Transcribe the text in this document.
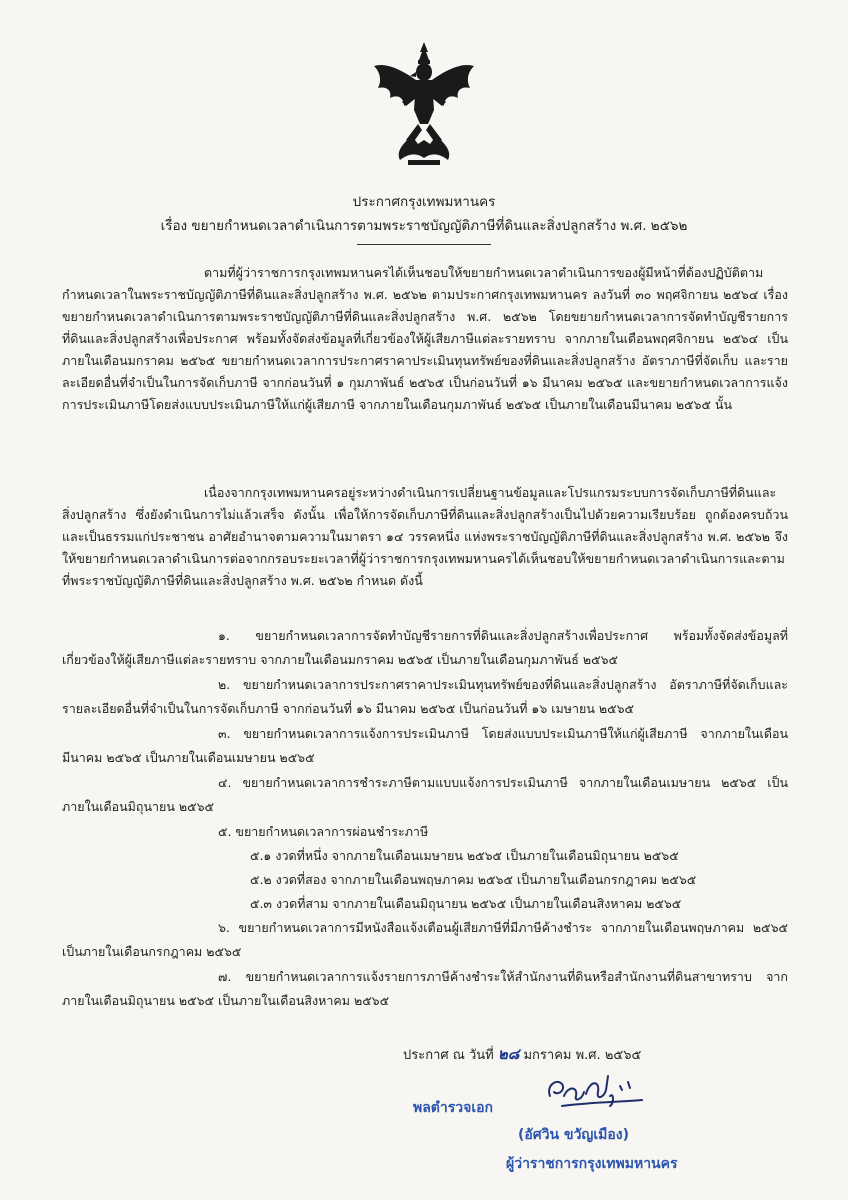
ประกาศกรุงเทพมหานคร
เรื่อง ขยายกำหนดเวลาดำเนินการตามพระราชบัญญัติภาษีที่ดินและสิ่งปลูกสร้าง พ.ศ. ๒๕๖๒

ตามที่ผู้ว่าราชการกรุงเทพมหานครได้เห็นชอบให้ขยายกำหนดเวลาดำเนินการของผู้มีหน้าที่ต้องปฏิบัติตามกำหนดเวลาในพระราชบัญญัติภาษีที่ดินและสิ่งปลูกสร้าง พ.ศ. ๒๕๖๒ ตามประกาศกรุงเทพมหานคร ลงวันที่ ๓๐ พฤศจิกายน ๒๕๖๔ เรื่อง ขยายกำหนดเวลาดำเนินการตามพระราชบัญญัติภาษีที่ดินและสิ่งปลูกสร้าง พ.ศ. ๒๕๖๒ โดยขยายกำหนดเวลาการจัดทำบัญชีรายการที่ดินและสิ่งปลูกสร้างเพื่อประกาศ พร้อมทั้งจัดส่งข้อมูลที่เกี่ยวข้องให้ผู้เสียภาษีแต่ละรายทราบ จากภายในเดือนพฤศจิกายน ๒๕๖๔ เป็นภายในเดือนมกราคม ๒๕๖๕ ขยายกำหนดเวลาการประกาศราคาประเมินทุนทรัพย์ของที่ดินและสิ่งปลูกสร้าง อัตราภาษีที่จัดเก็บ และรายละเอียดอื่นที่จำเป็นในการจัดเก็บภาษี จากก่อนวันที่ ๑ กุมภาพันธ์ ๒๕๖๕ เป็นก่อนวันที่ ๑๖ มีนาคม ๒๕๖๕ และขยายกำหนดเวลาการแจ้งการประเมินภาษีโดยส่งแบบประเมินภาษีให้แก่ผู้เสียภาษี จากภายในเดือนกุมภาพันธ์ ๒๕๖๕ เป็นภายในเดือนมีนาคม ๒๕๖๕ นั้น

เนื่องจากกรุงเทพมหานครอยู่ระหว่างดำเนินการเปลี่ยนฐานข้อมูลและโปรแกรมระบบการจัดเก็บภาษีที่ดินและสิ่งปลูกสร้าง ซึ่งยังดำเนินการไม่แล้วเสร็จ ดังนั้น เพื่อให้การจัดเก็บภาษีที่ดินและสิ่งปลูกสร้างเป็นไปด้วยความเรียบร้อย ถูกต้องครบถ้วน และเป็นธรรมแก่ประชาชน อาศัยอำนาจตามความในมาตรา ๑๔ วรรคหนึ่ง แห่งพระราชบัญญัติภาษีที่ดินและสิ่งปลูกสร้าง พ.ศ. ๒๕๖๒ จึงให้ขยายกำหนดเวลาดำเนินการต่อจากกรอบระยะเวลาที่ผู้ว่าราชการกรุงเทพมหานครได้เห็นชอบให้ขยายกำหนดเวลาดำเนินการและตามที่พระราชบัญญัติภาษีที่ดินและสิ่งปลูกสร้าง พ.ศ. ๒๕๖๒ กำหนด ดังนี้

๑. ขยายกำหนดเวลาการจัดทำบัญชีรายการที่ดินและสิ่งปลูกสร้างเพื่อประกาศ พร้อมทั้งจัดส่งข้อมูลที่เกี่ยวข้องให้ผู้เสียภาษีแต่ละรายทราบ จากภายในเดือนมกราคม ๒๕๖๕ เป็นภายในเดือนกุมภาพันธ์ ๒๕๖๕

๒. ขยายกำหนดเวลาการประกาศราคาประเมินทุนทรัพย์ของที่ดินและสิ่งปลูกสร้าง อัตราภาษีที่จัดเก็บและรายละเอียดอื่นที่จำเป็นในการจัดเก็บภาษี จากก่อนวันที่ ๑๖ มีนาคม ๒๕๖๕ เป็นก่อนวันที่ ๑๖ เมษายน ๒๕๖๕

๓. ขยายกำหนดเวลาการแจ้งการประเมินภาษี โดยส่งแบบประเมินภาษีให้แก่ผู้เสียภาษี จากภายในเดือนมีนาคม ๒๕๖๕ เป็นภายในเดือนเมษายน ๒๕๖๕

๔. ขยายกำหนดเวลาการชำระภาษีตามแบบแจ้งการประเมินภาษี จากภายในเดือนเมษายน ๒๕๖๕ เป็นภายในเดือนมิถุนายน ๒๕๖๕

๕. ขยายกำหนดเวลาการผ่อนชำระภาษี

๕.๑ งวดที่หนึ่ง จากภายในเดือนเมษายน ๒๕๖๕ เป็นภายในเดือนมิถุนายน ๒๕๖๕
๕.๒ งวดที่สอง จากภายในเดือนพฤษภาคม ๒๕๖๕ เป็นภายในเดือนกรกฎาคม ๒๕๖๕
๕.๓ งวดที่สาม จากภายในเดือนมิถุนายน ๒๕๖๕ เป็นภายในเดือนสิงหาคม ๒๕๖๕

๖. ขยายกำหนดเวลาการมีหนังสือแจ้งเตือนผู้เสียภาษีที่มีภาษีค้างชำระ จากภายในเดือนพฤษภาคม ๒๕๖๕ เป็นภายในเดือนกรกฎาคม ๒๕๖๕

๗. ขยายกำหนดเวลาการแจ้งรายการภาษีค้างชำระให้สำนักงานที่ดินหรือสำนักงานที่ดินสาขาทราบ จากภายในเดือนมิถุนายน ๒๕๖๕ เป็นภายในเดือนสิงหาคม ๒๕๖๕

ประกาศ ณ วันที่ ๒๘ มกราคม พ.ศ. ๒๕๖๕
พลตำรวจเอก
(อัศวิน ขวัญเมือง)
ผู้ว่าราชการกรุงเทพมหานคร
